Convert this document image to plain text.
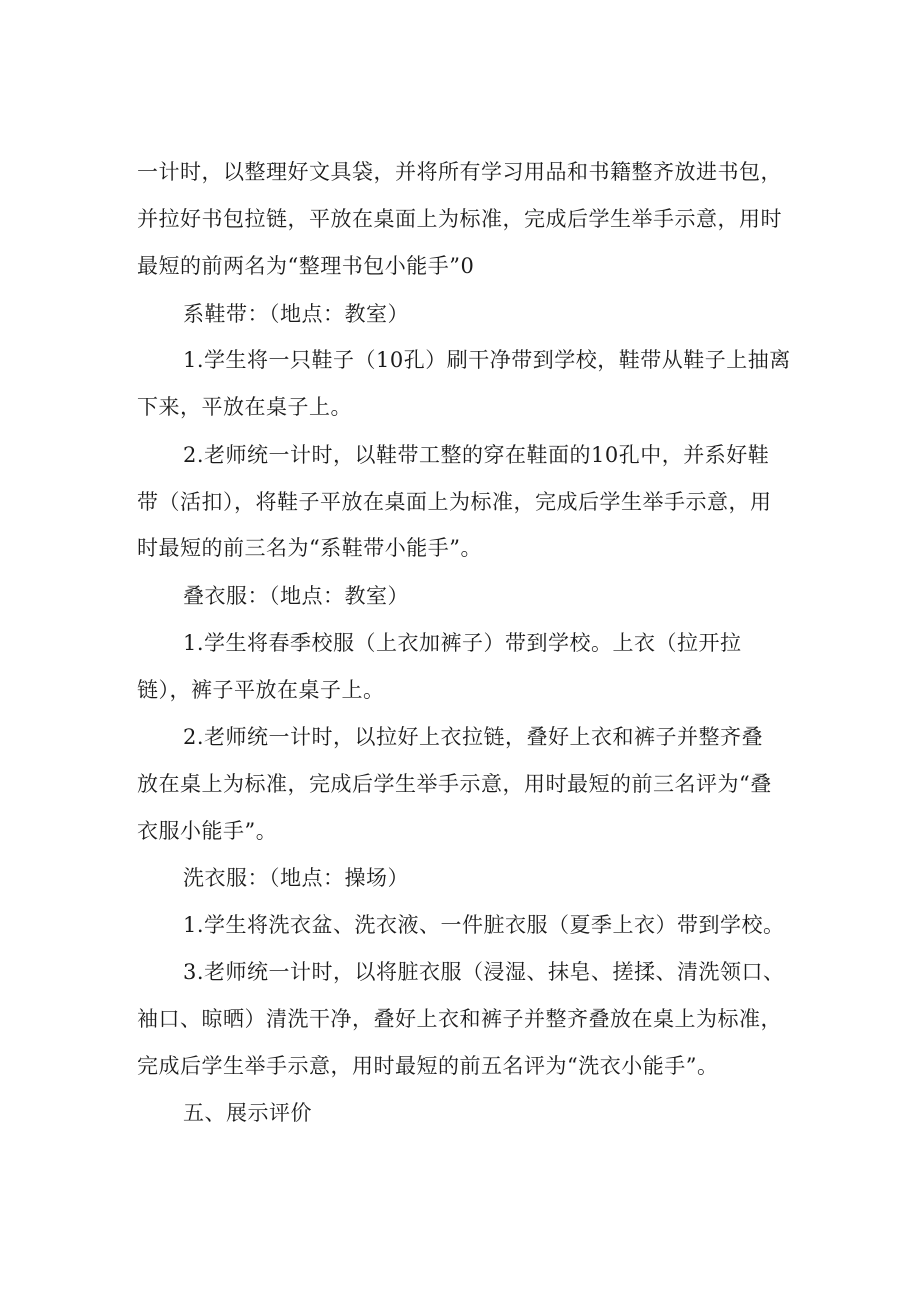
一计时，以整理好文具袋，并将所有学习用品和书籍整齐放进书包，
并拉好书包拉链，平放在桌面上为标准，完成后学生举手示意，用时
最短的前两名为“整理书包小能手”0
系鞋带：（地点：教室）
1.学生将一只鞋子（10孔）刷干净带到学校，鞋带从鞋子上抽离
下来，平放在桌子上。
2.老师统一计时，以鞋带工整的穿在鞋面的10孔中，并系好鞋
带（活扣），将鞋子平放在桌面上为标准，完成后学生举手示意，用
时最短的前三名为“系鞋带小能手”。
叠衣服：（地点：教室）
1.学生将春季校服（上衣加裤子）带到学校。上衣（拉开拉
链），裤子平放在桌子上。
2.老师统一计时，以拉好上衣拉链，叠好上衣和裤子并整齐叠
放在桌上为标准，完成后学生举手示意，用时最短的前三名评为“叠
衣服小能手”。
洗衣服：（地点：操场）
1.学生将洗衣盆、洗衣液、一件脏衣服（夏季上衣）带到学校。
3.老师统一计时，以将脏衣服（浸湿、抹皂、搓揉、清洗领口、
袖口、晾晒）清洗干净，叠好上衣和裤子并整齐叠放在桌上为标准，
完成后学生举手示意，用时最短的前五名评为“洗衣小能手”。
五、展示评价
